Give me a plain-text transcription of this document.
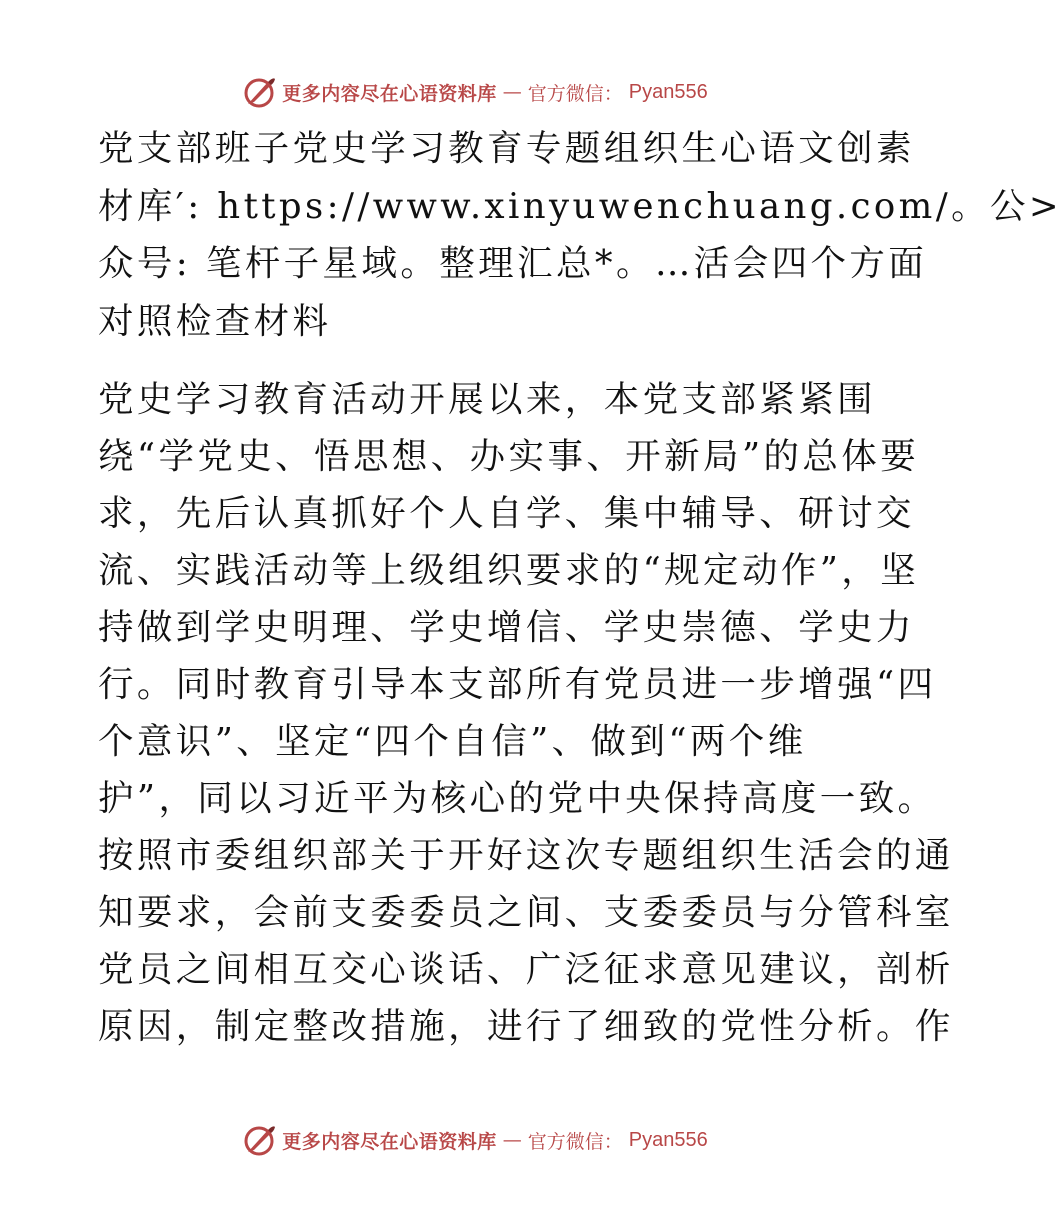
更多内容尽在心语资料库 — 官方微信： Pyan556
党支部班子党史学习教育专题组织生心语文创素
材库′: https://www.xinyuwenchuang.com/。公>
众号: 笔杆子星域。整理汇总*。…活会四个方面
对照检查材料
党史学习教育活动开展以来，本党支部紧紧围
绕“学党史、悟思想、办实事、开新局”的总体要
求，先后认真抓好个人自学、集中辅导、研讨交
流、实践活动等上级组织要求的“规定动作”，坚
持做到学史明理、学史增信、学史崇德、学史力
行。同时教育引导本支部所有党员进一步增强“四
个意识”、坚定“四个自信”、做到“两个维
护”，同以习近平为核心的党中央保持高度一致。
按照市委组织部关于开好这次专题组织生活会的通
知要求，会前支委委员之间、支委委员与分管科室
党员之间相互交心谈话、广泛征求意见建议，剖析
原因，制定整改措施，进行了细致的党性分析。作
更多内容尽在心语资料库 — 官方微信： Pyan556
